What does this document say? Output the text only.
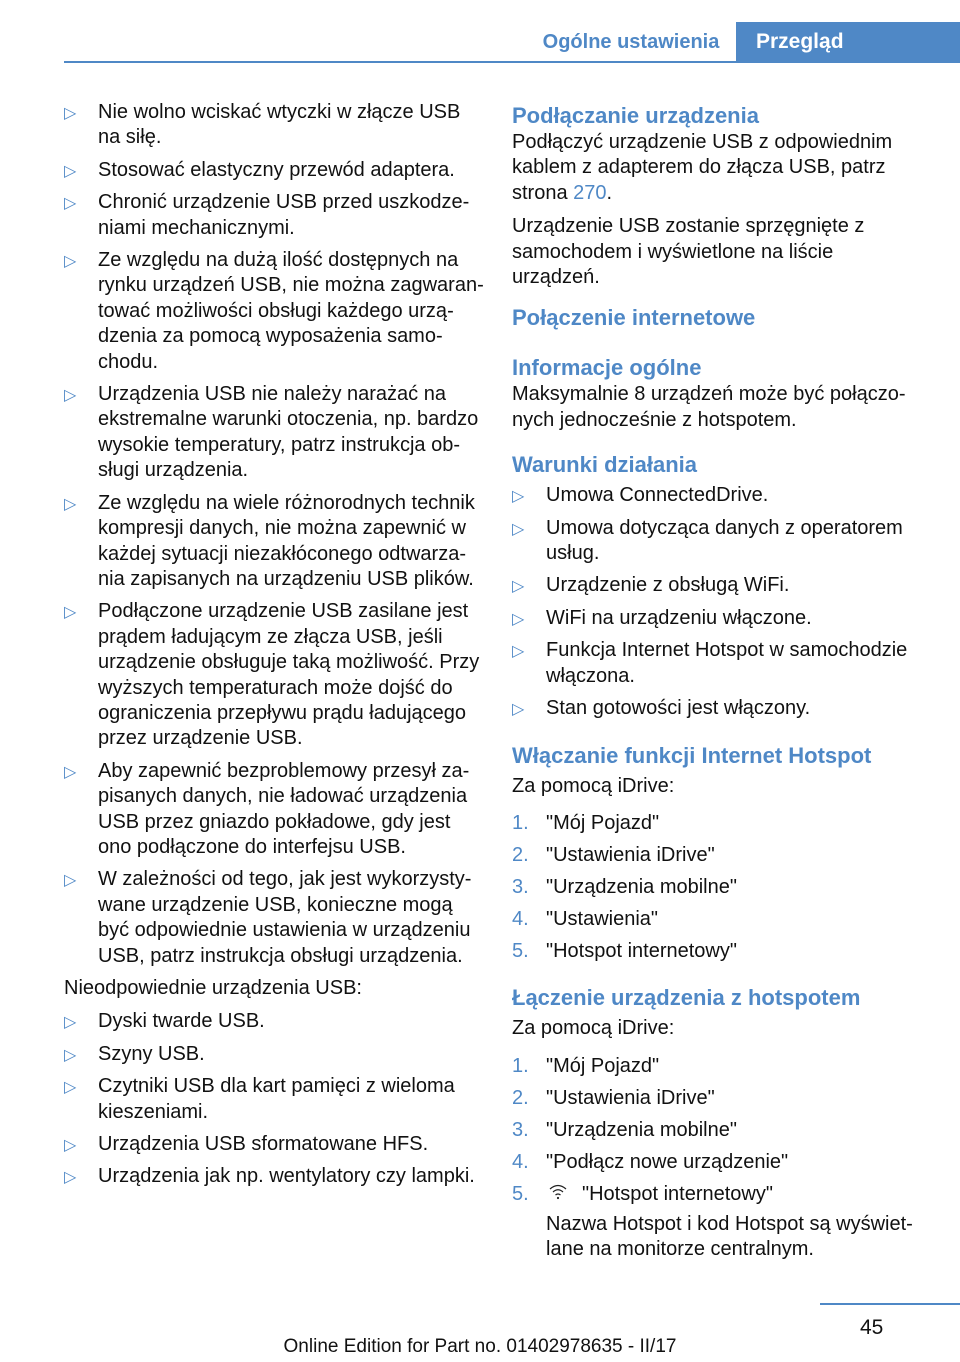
Ogólne ustawienia	Przegląd
▷ Nie wolno wciskać wtyczki w złącze USB na siłę.
▷ Stosować elastyczny przewód adaptera.
▷ Chronić urządzenie USB przed uszkodzeniami mechanicznymi.
▷ Ze względu na dużą ilość dostępnych na rynku urządzeń USB, nie można zagwarantować możliwości obsługi każdego urządzenia za pomocą wyposażenia samochodu.
▷ Urządzenia USB nie należy narażać na ekstremalne warunki otoczenia, np. bardzo wysokie temperatury, patrz instrukcja obsługi urządzenia.
▷ Ze względu na wiele różnorodnych technik kompresji danych, nie można zapewnić w każdej sytuacji niezakłóconego odtwarzania zapisanych na urządzeniu USB plików.
▷ Podłączone urządzenie USB zasilane jest prądem ładującym ze złącza USB, jeśli urządzenie obsługuje taką możliwość. Przy wyższych temperaturach może dojść do ograniczenia przepływu prądu ładującego przez urządzenie USB.
▷ Aby zapewnić bezproblemowy przesył zapisanych danych, nie ładować urządzenia USB przez gniazdo pokładowe, gdy jest ono podłączone do interfejsu USB.
▷ W zależności od tego, jak jest wykorzystywane urządzenie USB, konieczne mogą być odpowiednie ustawienia w urządzeniu USB, patrz instrukcja obsługi urządzenia.

Nieodpowiednie urządzenia USB:

▷ Dyski twarde USB.
▷ Szyny USB.
▷ Czytniki USB dla kart pamięci z wieloma kieszeniami.
▷ Urządzenia USB sformatowane HFS.
▷ Urządzenia jak np. wentylatory czy lampki.
Podłączanie urządzenia

Podłączyć urządzenie USB z odpowiednim kablem z adapterem do złącza USB, patrz strona 270.

Urządzenie USB zostanie sprzęgnięte z samochodem i wyświetlone na liście urządzeń.

Połączenie internetowe
Informacje ogólne

Maksymalnie 8 urządzeń może być połączonych jednocześnie z hotspotem.

Warunki działania
▷ Umowa ConnectedDrive.
▷ Umowa dotycząca danych z operatorem usług.
▷ Urządzenie z obsługą WiFi.
▷ WiFi na urządzeniu włączone.
▷ Funkcja Internet Hotspot w samochodzie włączona.
▷ Stan gotowości jest włączony.
Włączanie funkcji Internet Hotspot

Za pomocą iDrive:

1. "Mój Pojazd"
2. "Ustawienia iDrive"
3. "Urządzenia mobilne"
4. "Ustawienia"
5. "Hotspot internetowy"
Łączenie urządzenia z hotspotem

Za pomocą iDrive:

1. "Mój Pojazd"
2. "Ustawienia iDrive"
3. "Urządzenia mobilne"
4. "Podłącz nowe urządzenie"
5.	"Hotspot internetowy"

Nazwa Hotspot i kod Hotspot są wyświetlane na monitorze centralnym.

45
Online Edition for Part no. 01402978635 - II/17
